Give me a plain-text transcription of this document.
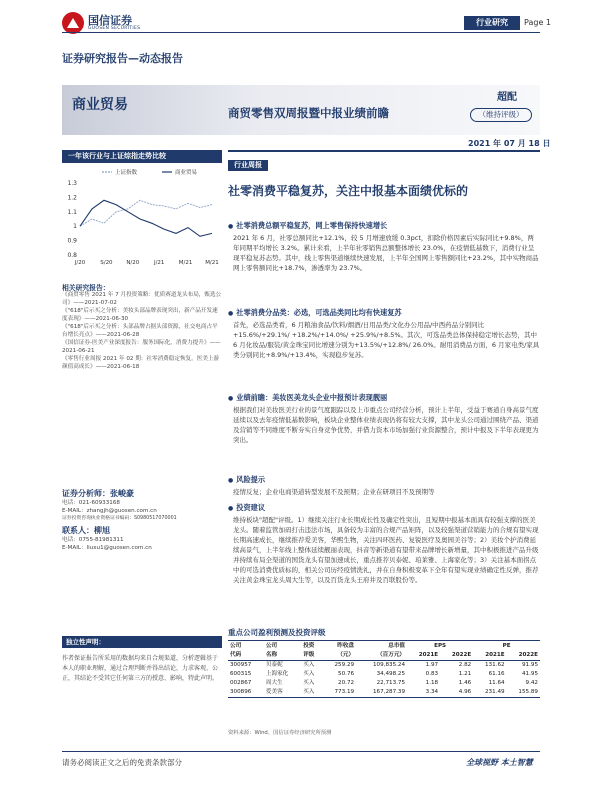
国信证券
GUOSEN SECURITIES
行业研究	Page 1
证券研究报告—动态报告
商业贸易	商贸零售双周报暨中报业绩前瞻
超配
（维持评级）
2021 年 07 月 18 日
一年该行业与上证综指走势比较
1.3
1.2
1.1
1
0.9
0.8
J/20	S/20 N/20	J/21	M/21 M/21
上证指数	商业贸易
相关研究报告：
《商贸零售 2021 年 7 月投资策略：优质赛道龙头布局，甄选公司》——2021-07-02
《"618"后示买之分析：美妆头部品牌表现突出，新产品开发速度表现》——2021-06-30
《"618"后示买之分析：头部品牌占据头部资源，社交电商占平台增长亮点》——2021-06-28
《国信证券-医美产业深度报告：服务国际化，消费力提升》——2021-06-21
《零售行业周报 2021 年 02 期：社零消费稳定恢复，医美上游颜值高成长》——2021-06-18
证券分析师：张峻豪
电话：021-60933168
E-MAIL：zhangjh@guosen.com.cn
证券投资咨询执业资格证书编码：S0980517070001
联系人：柳旭
电话：0755-81981311
E-MAIL：liuxu1@guosen.com.cn
独立性声明：
作者保证报告所采用的数据均来自合规渠道，分析逻辑基于本人的职业理解，通过合理判断并得出结论，力求客观、公正，其结论不受其它任何第三方的授意、影响，特此声明。
行业周报
社零消费平稳复苏，关注中报基本面绩优标的
● 社零消费总额平稳复苏，网上零售保持快速增长

2021 年 6 月，社零总额同比+12.1%，较 5 月增速放缓 0.3pct，扣除价格因素后实际同比+9.8%，两年同期平均增长 3.2%。累计来看，上半年社零销售总额整体增长 23.0%，在疫情低基数下，消费行业呈现平稳复苏态势。其中，线上零售渠道继续快速发展，上半年全国网上零售额同比+23.2%，其中实物商品网上零售额同比+18.7%，渗透率为 23.7%。

● 社零消费分品类：必选，可选品类同比均有快速复苏

首先，必选品类看，6 月粮油食品/饮料/烟酒/日用品类/文化办公用品/中西药品分别同比+15.6%/+29.1%/ +18.2%/+14.0%/ +25.9%/+8.5%。其次，可选品类总体保持稳定增长态势，其中 6 月化妆品/服装/黄金珠宝同比增速分别为+13.5%/+12.8%/ 26.0%。耐用消费品方面，6 月家电类/家具类分别同比+8.9%/+13.4%，实现稳步复苏。

● 业绩前瞻：美妆医美龙头企业中报预计表现靓丽

根据我们对美妆医美行业的景气度跟踪以及上市重点公司经营分析，预计上半年，受益于赛道自身高景气度延续以及去年疫情低基数影响，板块企业整体业绩表现仍将有较大支撑，其中龙头公司通过围绕产品、渠道及营销等不同维度不断夯实自身竞争优势，并借力资本市场加强行业资源整合，预计中报及下半年表现更为突出。

● 风险提示

疫情反复；企业电商渠道转型发展不及预期；企业在研项目不及预期等

● 投资建议

维持板块"超配"评级。1）继续关注行业长期成长性及确定性突出，且短期中报基本面具有较强支撑的医美龙头。随着监管加码打击违法市场，具备较为丰富的合规产品矩阵，以及较强渠道营销能力的合规有望实现长期高速成长，继续推荐爱美客，华熙生物，关注四环医药、复锐医疗及奥园美谷等；2）美妆个护消费延续高景气，上半年线上整体延续靓丽表现，抖音等新渠道有望带来品牌增长新增量，其中积极推进产品升级并持续布局全渠道的国货龙头有望加速成长，重点推荐贝泰妮、珀莱雅、上海家化等；3）关注基本面拐点中的可选消费优质标的，相关公司历经疫情洗礼，并在自身积极变革下全年有望实现业绩确定性反弹，推荐关注黄金珠宝龙头周大生等，以及百货龙头王府井及百联股份等。

重点公司盈利预测及投资评级
公司	公司	投资	昨收盘	总市值	EPS		PE	
代码	名称	评级	（元）	（百万元）	2021E	2022E	2021E	2022E
300957	贝泰妮	买入	259.29	109,835.24	1.97	2.82	131.62	91.95
600315	上海家化	买入	50.76	34,498.25	0.83	1.21	61.16	41.95
002867	周大生	买入	20.72	22,713.75	1.18	1.46	11.64	9.42
300896	爱美客	买入	773.19	167,287.39	3.34	4.96	231.49	155.89
资料来源：Wind、国信证券经济研究所预测
请务必阅读正文之后的免责条款部分	全球视野 本土智慧
